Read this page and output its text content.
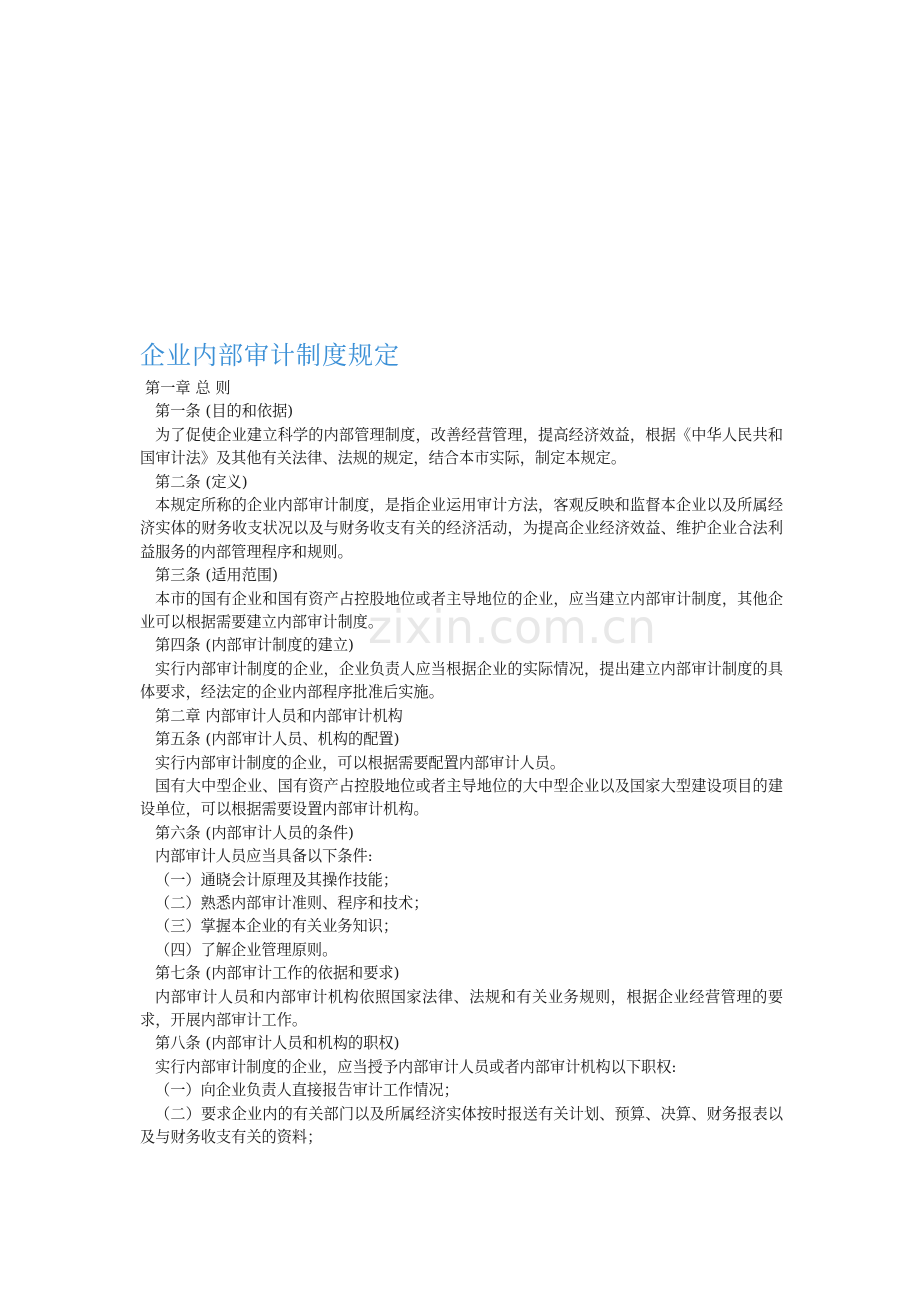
企业内部审计制度规定

第一章 总 则

第一条 (目的和依据)

为了促使企业建立科学的内部管理制度，改善经营管理，提高经济效益，根据《中华人民共和国审计法》及其他有关法律、法规的规定，结合本市实际，制定本规定。

第二条 (定义)

本规定所称的企业内部审计制度，是指企业运用审计方法，客观反映和监督本企业以及所属经济实体的财务收支状况以及与财务收支有关的经济活动，为提高企业经济效益、维护企业合法利益服务的内部管理程序和规则。

第三条 (适用范围)

本市的国有企业和国有资产占控股地位或者主导地位的企业，应当建立内部审计制度，其他企业可以根据需要建立内部审计制度。

第四条 (内部审计制度的建立)

实行内部审计制度的企业，企业负责人应当根据企业的实际情况，提出建立内部审计制度的具体要求，经法定的企业内部程序批准后实施。

第二章 内部审计人员和内部审计机构

第五条 (内部审计人员、机构的配置)

实行内部审计制度的企业，可以根据需要配置内部审计人员。

国有大中型企业、国有资产占控股地位或者主导地位的大中型企业以及国家大型建设项目的建设单位，可以根据需要设置内部审计机构。

第六条 (内部审计人员的条件)

内部审计人员应当具备以下条件:

（一）通晓会计原理及其操作技能；

（二）熟悉内部审计准则、程序和技术；

（三）掌握本企业的有关业务知识；

（四）了解企业管理原则。

第七条 (内部审计工作的依据和要求)

内部审计人员和内部审计机构依照国家法律、法规和有关业务规则，根据企业经营管理的要求，开展内部审计工作。

第八条 (内部审计人员和机构的职权)

实行内部审计制度的企业，应当授予内部审计人员或者内部审计机构以下职权:

（一）向企业负责人直接报告审计工作情况；

（二）要求企业内的有关部门以及所属经济实体按时报送有关计划、预算、决算、财务报表以及与财务收支有关的资料；

zixin.com.cn
